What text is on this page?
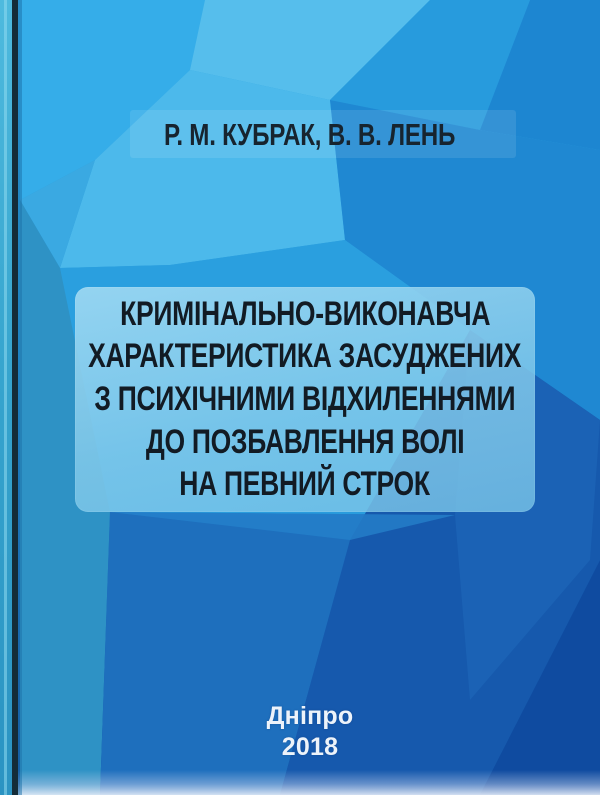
Р. М. КУБРАК, В. В. ЛЕНЬ
КРИМІНАЛЬНО-ВИКОНАВЧА
ХАРАКТЕРИСТИКА ЗАСУДЖЕНИХ
З ПСИХІЧНИМИ ВІДХИЛЕННЯМИ
ДО ПОЗБАВЛЕННЯ ВОЛІ
НА ПЕВНИЙ СТРОК
Дніпро
2018
